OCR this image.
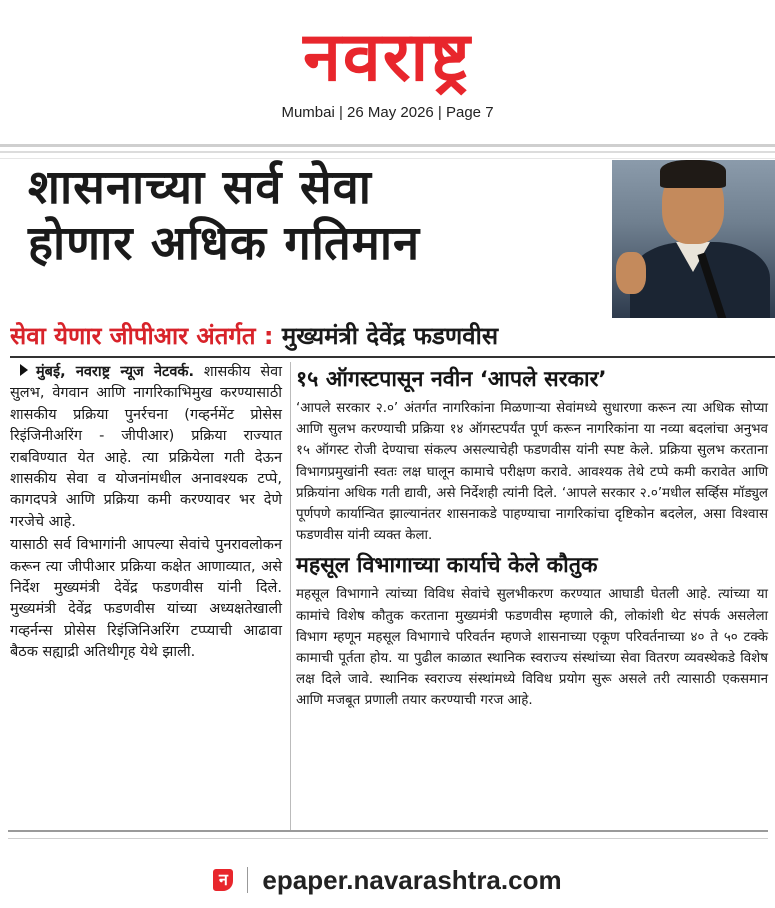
नवराष्ट्र
Mumbai | 26 May 2026 | Page 7
शासनाच्या सर्व सेवा
होणार अधिक गतिमान
सेवा येणार जीपीआर अंतर्गत : मुख्यमंत्री देवेंद्र फडणवीस

मुंबई, नवराष्ट्र न्यूज नेटवर्क. शासकीय सेवा सुलभ, वेगवान आणि नागरिकाभिमुख करण्यासाठी शासकीय प्रक्रिया पुनर्रचना (गव्हर्नमेंट प्रोसेस रिइंजिनीअरिंग - जीपीआर) प्रक्रिया राज्यात राबविण्यात येत आहे. त्या प्रक्रियेला गती देऊन शासकीय सेवा व योजनांमधील अनावश्यक टप्पे, कागदपत्रे आणि प्रक्रिया कमी करण्यावर भर देणे गरजेचे आहे.

यासाठी सर्व विभागांनी आपल्या सेवांचे पुनरावलोकन करून त्या जीपीआर प्रक्रिया कक्षेत आणाव्यात, असे निर्देश मुख्यमंत्री देवेंद्र फडणवीस यांनी दिले. मुख्यमंत्री देवेंद्र फडणवीस यांच्या अध्यक्षतेखाली गव्हर्नन्स प्रोसेस रिइंजिनिअरिंग टप्प्याची आढावा बैठक सह्याद्री अतिथीगृह येथे झाली.

१५ ऑगस्टपासून नवीन ‘आपले सरकार’

‘आपले सरकार २.०’ अंतर्गत नागरिकांना मिळणाऱ्या सेवांमध्ये सुधारणा करून त्या अधिक सोप्या आणि सुलभ करण्याची प्रक्रिया १४ ऑगस्टपर्यंत पूर्ण करून नागरिकांना या नव्या बदलांचा अनुभव १५ ऑगस्ट रोजी देण्याचा संकल्प असल्याचेही फडणवीस यांनी स्पष्ट केले. प्रक्रिया सुलभ करताना विभागप्रमुखांनी स्वतः लक्ष घालून कामाचे परीक्षण करावे. आवश्यक तेथे टप्पे कमी करावेत आणि प्रक्रियांना अधिक गती द्यावी, असे निर्देशही त्यांनी दिले. ‘आपले सरकार २.०’मधील सर्व्हिस मॉड्युल पूर्णपणे कार्यान्वित झाल्यानंतर शासनाकडे पाहण्याचा नागरिकांचा दृष्टिकोन बदलेल, असा विश्वास फडणवीस यांनी व्यक्त केला.

महसूल विभागाच्या कार्याचे केले कौतुक

महसूल विभागाने त्यांच्या विविध सेवांचे सुलभीकरण करण्यात आघाडी घेतली आहे. त्यांच्या या कामांचे विशेष कौतुक करताना मुख्यमंत्री फडणवीस म्हणाले की, लोकांशी थेट संपर्क असलेला विभाग म्हणून महसूल विभागाचे परिवर्तन म्हणजे शासनाच्या एकूण परिवर्तनाच्या ४० ते ५० टक्के कामाची पूर्तता होय. या पुढील काळात स्थानिक स्वराज्य संस्थांच्या सेवा वितरण व्यवस्थेकडे विशेष लक्ष दिले जावे. स्थानिक स्वराज्य संस्थांमध्ये विविध प्रयोग सुरू असले तरी त्यासाठी एकसमान आणि मजबूत प्रणाली तयार करण्याची गरज आहे.

न epaper.navarashtra.com
